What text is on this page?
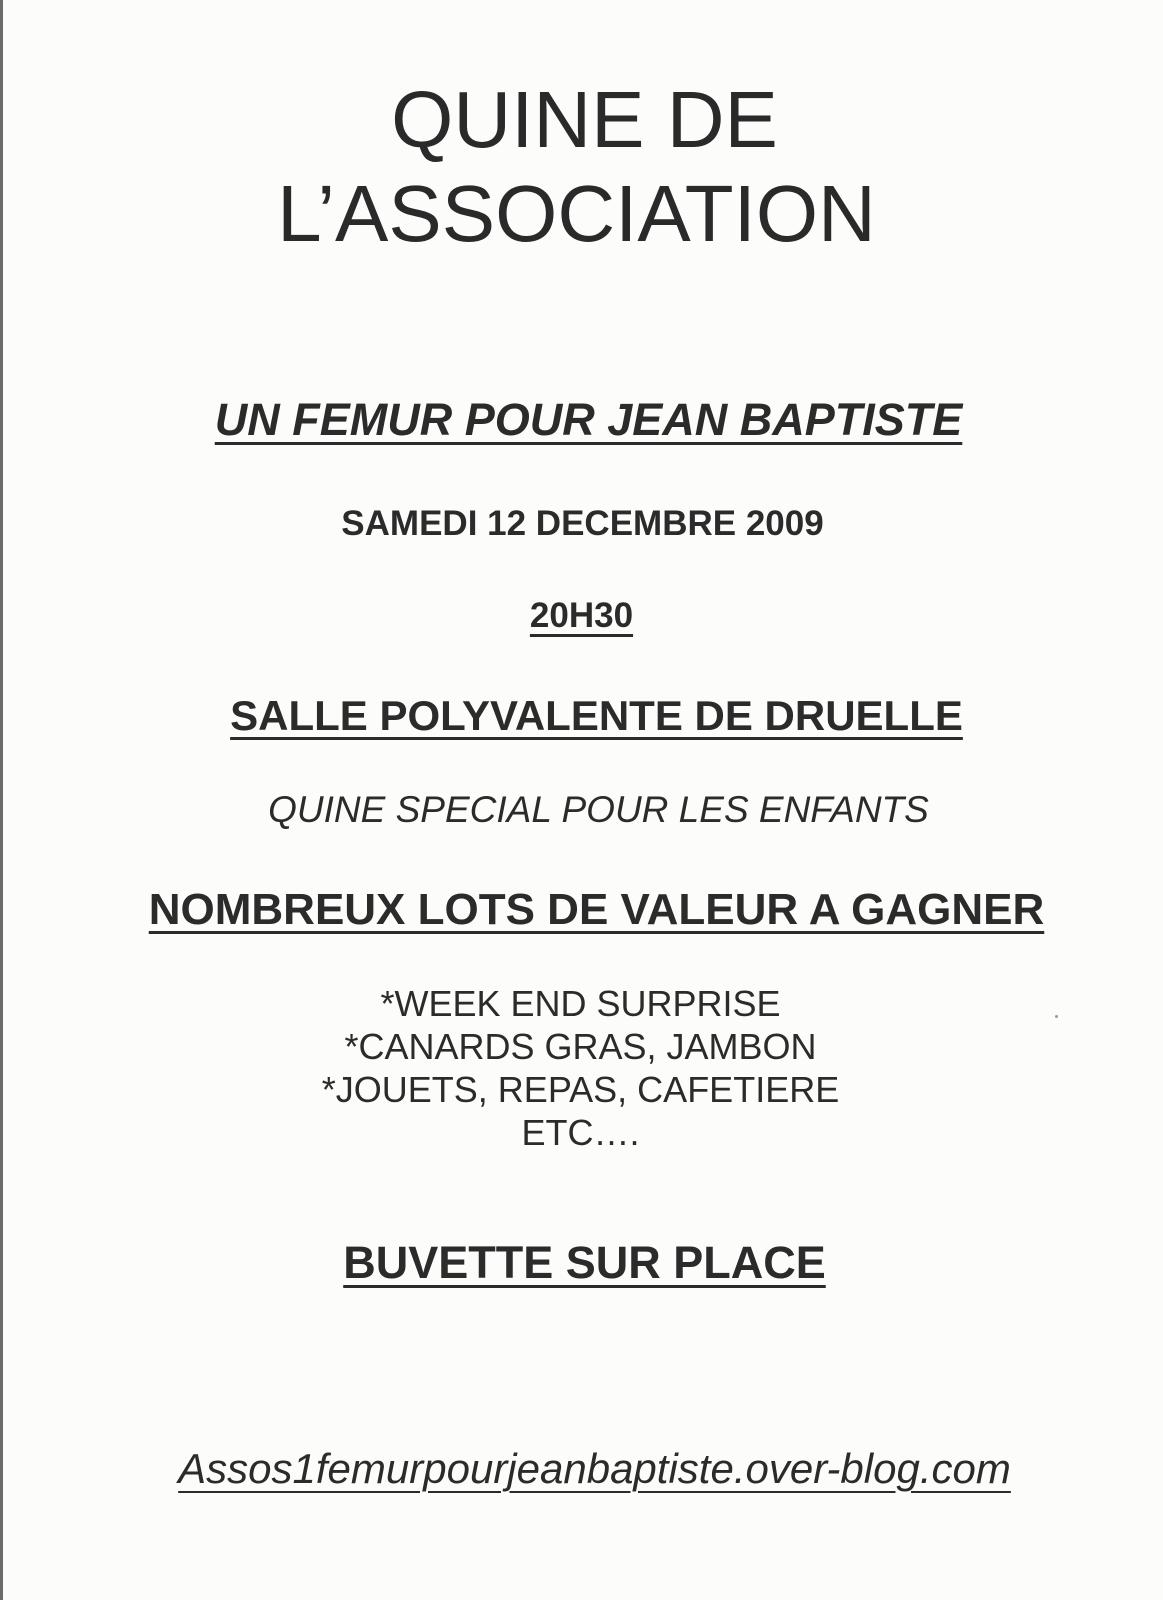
QUINE DE
L’ASSOCIATION
UN FEMUR POUR JEAN BAPTISTE
SAMEDI 12 DECEMBRE 2009
20H30
SALLE POLYVALENTE DE DRUELLE
QUINE SPECIAL POUR LES ENFANTS
NOMBREUX LOTS DE VALEUR A GAGNER
*WEEK END SURPRISE
*CANARDS GRAS, JAMBON
*JOUETS, REPAS, CAFETIERE
ETC….
BUVETTE SUR PLACE
Assos1femurpourjeanbaptiste.over-blog.com
